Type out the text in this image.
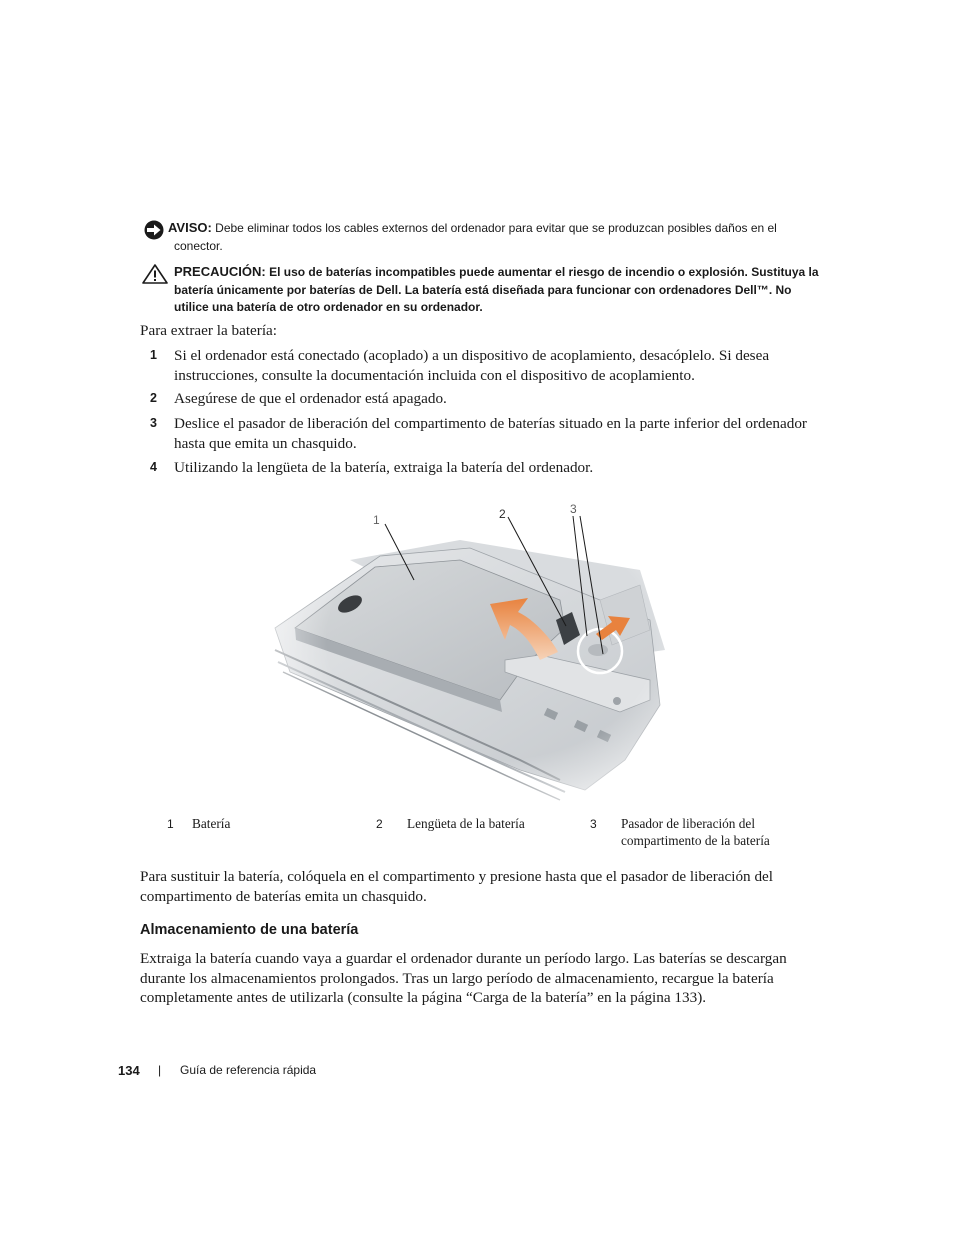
AVISO: Debe eliminar todos los cables externos del ordenador para evitar que se produzcan posibles daños en el conector.
PRECAUCIÓN: El uso de baterías incompatibles puede aumentar el riesgo de incendio o explosión. Sustituya la batería únicamente por baterías de Dell. La batería está diseñada para funcionar con ordenadores Dell™. No utilice una batería de otro ordenador en su ordenador.
Para extraer la batería:
1 Si el ordenador está conectado (acoplado) a un dispositivo de acoplamiento, desacóplelo. Si desea instrucciones, consulte la documentación incluida con el dispositivo de acoplamiento.
2 Asegúrese de que el ordenador está apagado.
3 Deslice el pasador de liberación del compartimento de baterías situado en la parte inferior del ordenador hasta que emita un chasquido.
4 Utilizando la lengüeta de la batería, extraiga la batería del ordenador.
1 Batería	2 Lengüeta de la batería	3 Pasador de liberación del compartimento de la batería
Para sustituir la batería, colóquela en el compartimento y presione hasta que el pasador de liberación del compartimento de baterías emita un chasquido.
Almacenamiento de una batería
Extraiga la batería cuando vaya a guardar el ordenador durante un período largo. Las baterías se descargan durante los almacenamientos prolongados. Tras un largo período de almacenamiento, recargue la batería completamente antes de utilizarla (consulte la página “Carga de la batería” en la página 133).
134 | Guía de referencia rápida
